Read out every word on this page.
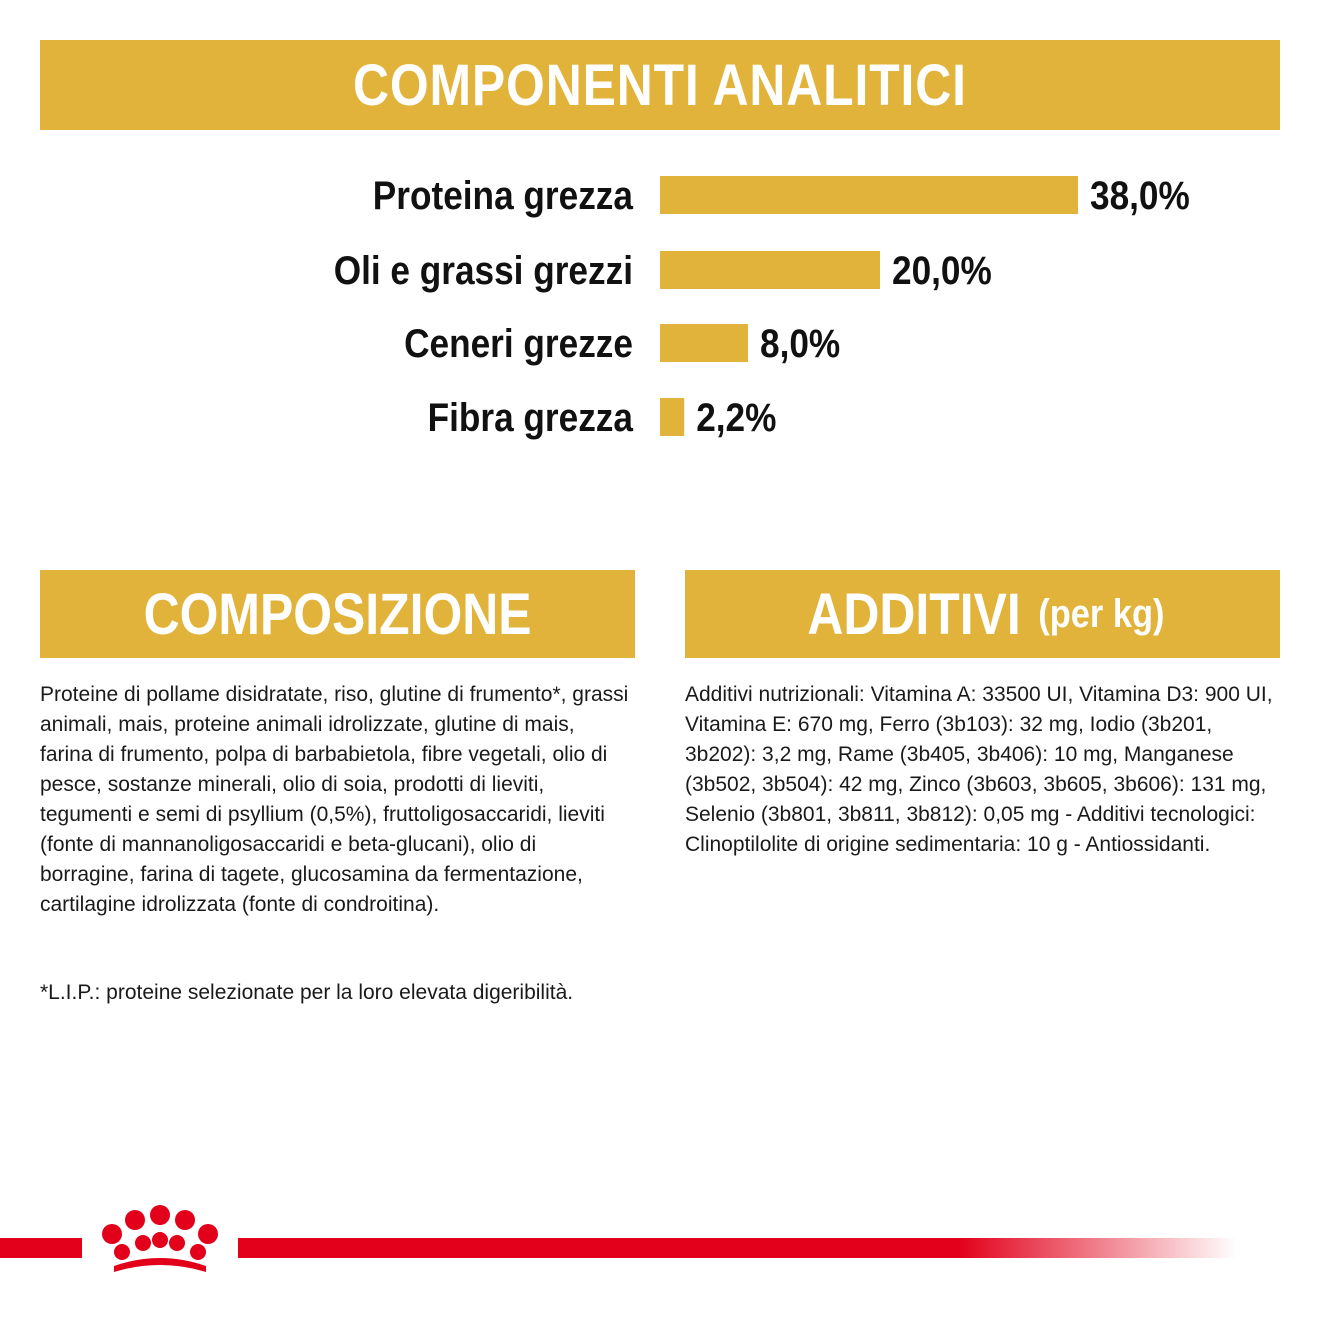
COMPONENTI ANALITICI
Proteina grezza	38,0%
Oli e grassi grezzi	20,0%
Ceneri grezze	8,0%
Fibra grezza 2,2%
COMPOSIZIONE	ADDITIVI (per kg)
Proteine di pollame disidratate, riso, glutine di frumento*, grassi animali, mais, proteine animali idrolizzate, glutine di mais, farina di frumento, polpa di barbabietola, fibre vegetali, olio di pesce, sostanze minerali, olio di soia, prodotti di lieviti, tegumenti e semi di psyllium (0,5%), fruttoligosaccaridi, lieviti (fonte di mannanoligosaccaridi e beta-glucani), olio di borragine, farina di tagete, glucosamina da fermentazione, cartilagine idrolizzata (fonte di condroitina).
*L.I.P.: proteine selezionate per la loro elevata digeribilità.
Additivi nutrizionali: Vitamina A: 33500 UI, Vitamina D3: 900 UI, Vitamina E: 670 mg, Ferro (3b103): 32 mg, Iodio (3b201, 3b202): 3,2 mg, Rame (3b405, 3b406): 10 mg, Manganese (3b502, 3b504): 42 mg, Zinco (3b603, 3b605, 3b606): 131 mg, Selenio (3b801, 3b811, 3b812): 0,05 mg - Additivi tecnologici: Clinoptilolite di origine sedimentaria: 10 g - Antiossidanti.
